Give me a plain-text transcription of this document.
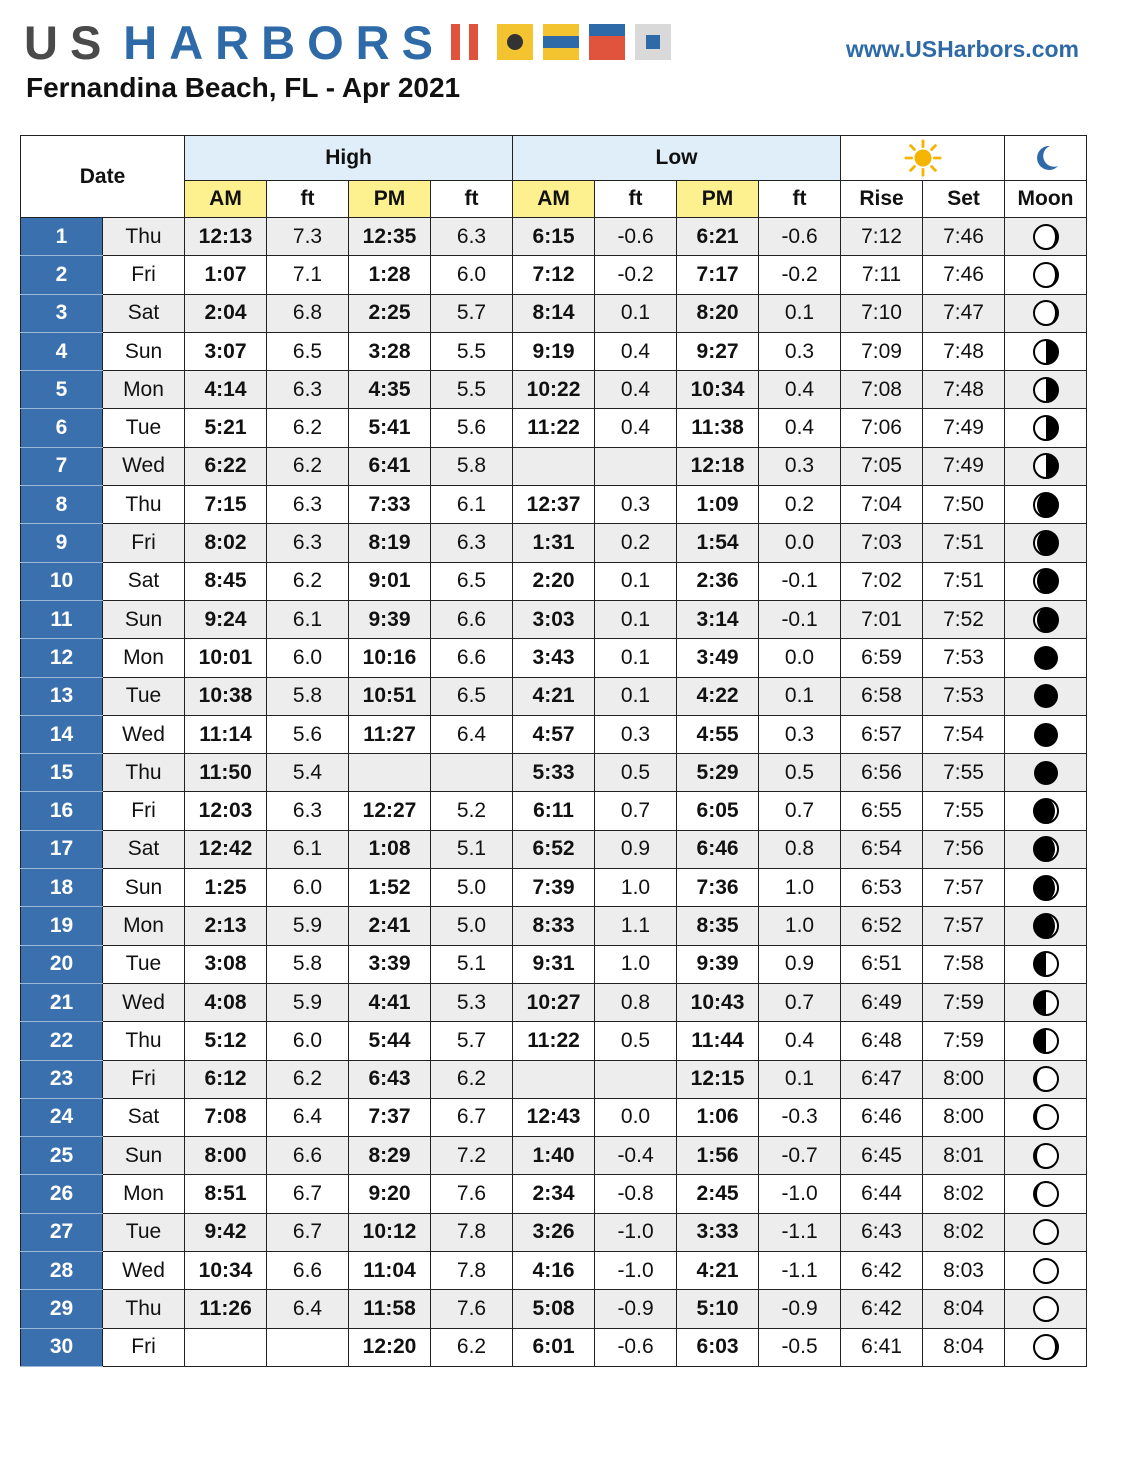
US HARBORS	www.USHarbors.com
Fernandina Beach, FL - Apr 2021
Date		High				Low		
		AM	ft	PM	ft	AM	ft	PM	ft	Rise	Set	Moon
1	Thu	12:13	7.3	12:35	6.3	6:15	-0.6	6:21	-0.6	7:12	7:46	
2	Fri	1:07	7.1	1:28	6.0	7:12	-0.2	7:17	-0.2	7:11	7:46	
3	Sat	2:04	6.8	2:25	5.7	8:14	0.1	8:20	0.1	7:10	7:47	
4	Sun	3:07	6.5	3:28	5.5	9:19	0.4	9:27	0.3	7:09	7:48	
5	Mon	4:14	6.3	4:35	5.5	10:22	0.4	10:34	0.4	7:08	7:48	
6	Tue	5:21	6.2	5:41	5.6	11:22	0.4	11:38	0.4	7:06	7:49	
7	Wed	6:22	6.2	6:41	5.8			12:18	0.3	7:05	7:49	
8	Thu	7:15	6.3	7:33	6.1	12:37	0.3	1:09	0.2	7:04	7:50	
9	Fri	8:02	6.3	8:19	6.3	1:31	0.2	1:54	0.0	7:03	7:51	
10	Sat	8:45	6.2	9:01	6.5	2:20	0.1	2:36	-0.1	7:02	7:51	
11	Sun	9:24	6.1	9:39	6.6	3:03	0.1	3:14	-0.1	7:01	7:52	
12	Mon	10:01	6.0	10:16	6.6	3:43	0.1	3:49	0.0	6:59	7:53	
13	Tue	10:38	5.8	10:51	6.5	4:21	0.1	4:22	0.1	6:58	7:53	
14	Wed	11:14	5.6	11:27	6.4	4:57	0.3	4:55	0.3	6:57	7:54	
15	Thu	11:50	5.4			5:33	0.5	5:29	0.5	6:56	7:55	
16	Fri	12:03	6.3	12:27	5.2	6:11	0.7	6:05	0.7	6:55	7:55	
17	Sat	12:42	6.1	1:08	5.1	6:52	0.9	6:46	0.8	6:54	7:56	
18	Sun	1:25	6.0	1:52	5.0	7:39	1.0	7:36	1.0	6:53	7:57	
19	Mon	2:13	5.9	2:41	5.0	8:33	1.1	8:35	1.0	6:52	7:57	
20	Tue	3:08	5.8	3:39	5.1	9:31	1.0	9:39	0.9	6:51	7:58	
21	Wed	4:08	5.9	4:41	5.3	10:27	0.8	10:43	0.7	6:49	7:59	
22	Thu	5:12	6.0	5:44	5.7	11:22	0.5	11:44	0.4	6:48	7:59	
23	Fri	6:12	6.2	6:43	6.2			12:15	0.1	6:47	8:00	
24	Sat	7:08	6.4	7:37	6.7	12:43	0.0	1:06	-0.3	6:46	8:00	
25	Sun	8:00	6.6	8:29	7.2	1:40	-0.4	1:56	-0.7	6:45	8:01	
26	Mon	8:51	6.7	9:20	7.6	2:34	-0.8	2:45	-1.0	6:44	8:02	
27	Tue	9:42	6.7	10:12	7.8	3:26	-1.0	3:33	-1.1	6:43	8:02	
28	Wed	10:34	6.6	11:04	7.8	4:16	-1.0	4:21	-1.1	6:42	8:03	
29	Thu	11:26	6.4	11:58	7.6	5:08	-0.9	5:10	-0.9	6:42	8:04	
30	Fri			12:20	6.2	6:01	-0.6	6:03	-0.5	6:41	8:04	
